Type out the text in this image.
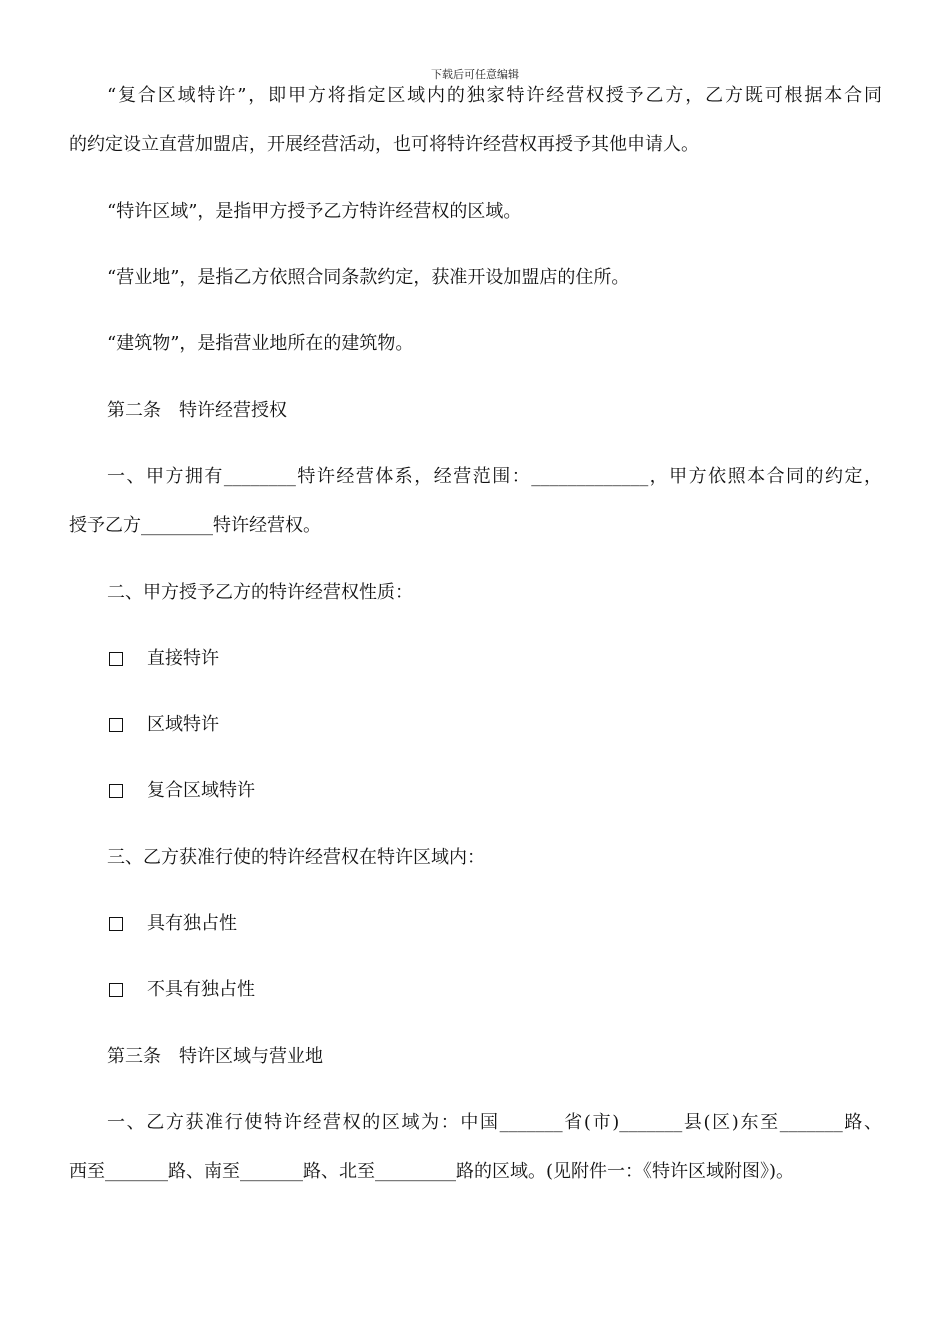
下载后可任意编辑
“复合区域特许”，即甲方将指定区域内的独家特许经营权授予乙方，乙方既可根据本合同
的约定设立直营加盟店，开展经营活动，也可将特许经营权再授予其他申请人。
“特许区域”，是指甲方授予乙方特许经营权的区域。
“营业地”，是指乙方依照合同条款约定，获准开设加盟店的住所。
“建筑物”，是指营业地所在的建筑物。
第二条　特许经营授权
一、甲方拥有________特许经营体系，经营范围：_____________，甲方依照本合同的约定，
授予乙方________特许经营权。
二、甲方授予乙方的特许经营权性质：
直接特许
区域特许
复合区域特许
三、乙方获准行使的特许经营权在特许区域内：
具有独占性
不具有独占性
第三条　特许区域与营业地
一、乙方获准行使特许经营权的区域为：中国_______省(市)_______县(区)东至_______路、
西至_______路、南至_______路、北至_________路的区域。(见附件一：《特许区域附图》)。
